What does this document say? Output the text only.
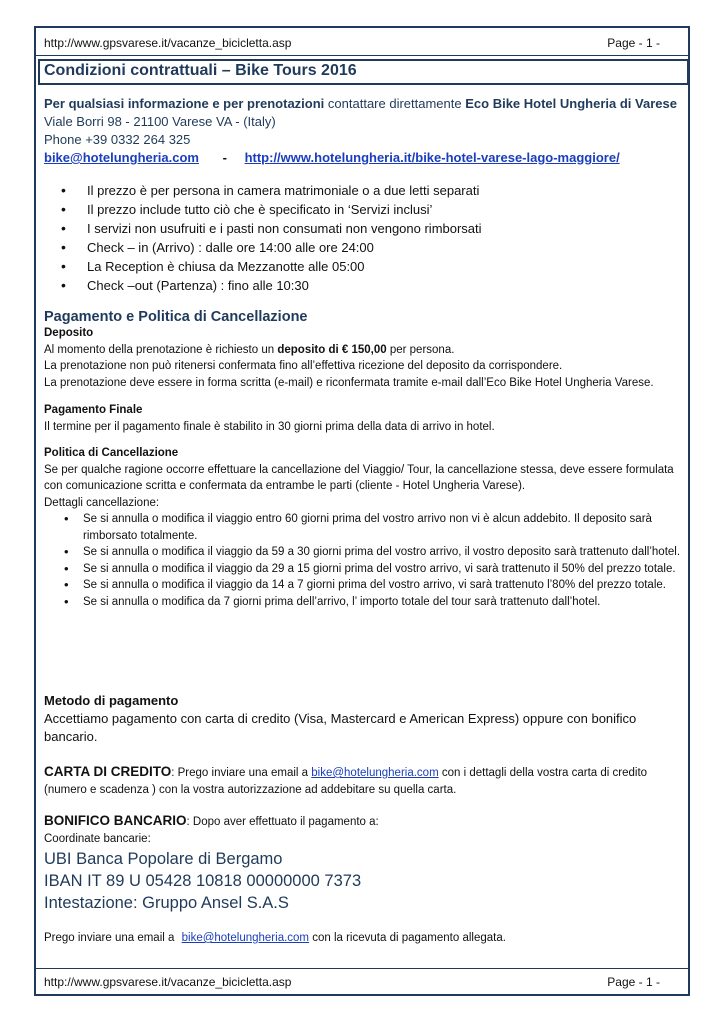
http://www.gpsvarese.it/vacanze_bicicletta.asp	Page - 1 -
Condizioni contrattuali – Bike Tours 2016
Per qualsiasi informazione e per prenotazioni contattare direttamente Eco Bike Hotel Ungheria di Varese
Viale Borri 98 - 21100 Varese VA - (Italy)
Phone +39 0332 264 325
bike@hotelungheria.com - http://www.hotelungheria.it/bike-hotel-varese-lago-maggiore/
• Il prezzo è per persona in camera matrimoniale o a due letti separati
• Il prezzo include tutto ciò che è specificato in ‘Servizi inclusi’
• I servizi non usufruiti e i pasti non consumati non vengono rimborsati
• Check – in (Arrivo) : dalle ore 14:00 alle ore 24:00
• La Reception è chiusa da Mezzanotte alle 05:00
• Check –out (Partenza) : fino alle 10:30
Pagamento e Politica di Cancellazione
Deposito
Al momento della prenotazione è richiesto un deposito di € 150,00 per persona.
La prenotazione non può ritenersi confermata fino all’effettiva ricezione del deposito da corrispondere.
La prenotazione deve essere in forma scritta (e-mail) e riconfermata tramite e-mail dall’Eco Bike Hotel Ungheria Varese.
Pagamento Finale
Il termine per il pagamento finale è stabilito in 30 giorni prima della data di arrivo in hotel.
Politica di Cancellazione
Se per qualche ragione occorre effettuare la cancellazione del Viaggio/ Tour, la cancellazione stessa, deve essere formulata con comunicazione scritta e confermata da entrambe le parti (cliente - Hotel Ungheria Varese).
Dettagli cancellazione:
• Se si annulla o modifica il viaggio entro 60 giorni prima del vostro arrivo non vi è alcun addebito. Il deposito sarà rimborsato totalmente.
• Se si annulla o modifica il viaggio da 59 a 30 giorni prima del vostro arrivo, il vostro deposito sarà trattenuto dall’hotel.
• Se si annulla o modifica il viaggio da 29 a 15 giorni prima del vostro arrivo, vi sarà trattenuto il 50% del prezzo totale.
• Se si annulla o modifica il viaggio da 14 a 7 giorni prima del vostro arrivo, vi sarà trattenuto l’80% del prezzo totale.
• Se si annulla o modifica da 7 giorni prima dell’arrivo, l’ importo totale del tour sarà trattenuto dall’hotel.
Metodo di pagamento
Accettiamo pagamento con carta di credito (Visa, Mastercard e American Express) oppure con bonifico bancario.
CARTA DI CREDITO: Prego inviare una email a bike@hotelungheria.com con i dettagli della vostra carta di credito (numero e scadenza ) con la vostra autorizzazione ad addebitare su quella carta.
BONIFICO BANCARIO: Dopo aver effettuato il pagamento a:
Coordinate bancarie:
UBI Banca Popolare di Bergamo
IBAN IT 89 U 05428 10818 00000000 7373
Intestazione: Gruppo Ansel S.A.S
Prego inviare una email a bike@hotelungheria.com con la ricevuta di pagamento allegata.
http://www.gpsvarese.it/vacanze_bicicletta.asp	Page - 1 -
